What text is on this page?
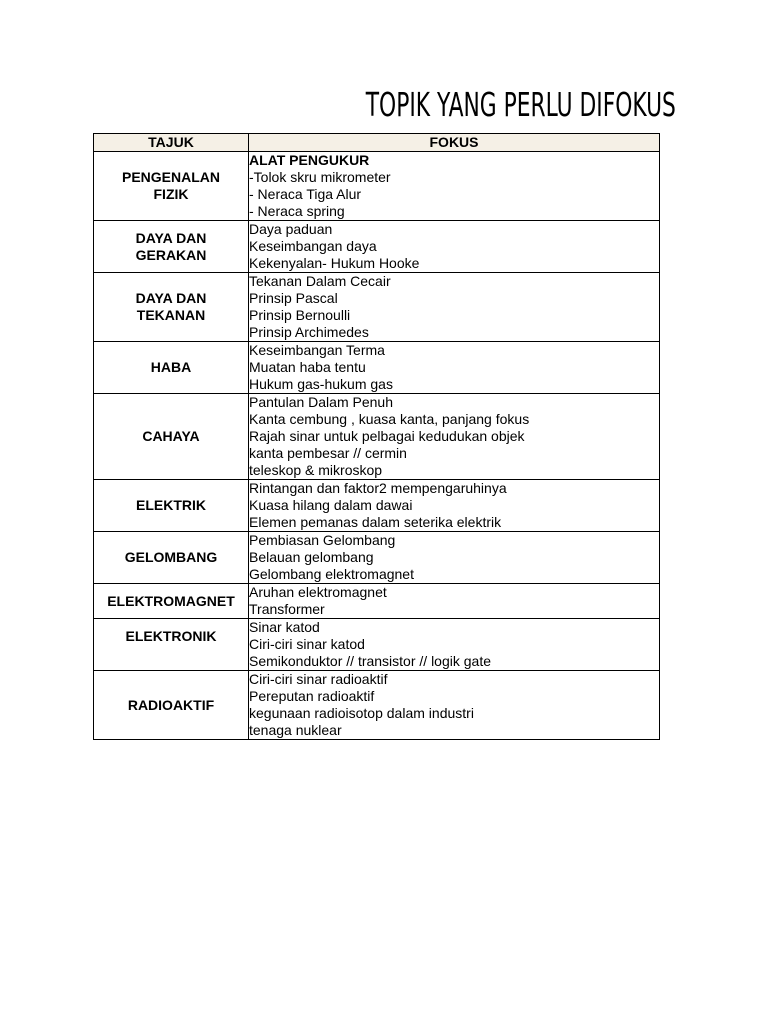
TOPIK YANG PERLU DIFOKUS
TAJUK	FOKUS

PENGENALAN
FIZIK	ALAT PENGUKUR
-Tolok skru mikrometer
- Neraca Tiga Alur
- Neraca spring

DAYA DAN
GERAKAN	Daya paduan
Keseimbangan daya
Kekenyalan- Hukum Hooke

DAYA DAN
TEKANAN	Tekanan Dalam Cecair
Prinsip Pascal
Prinsip Bernoulli
Prinsip Archimedes

HABA	Keseimbangan Terma
Muatan haba tentu
Hukum gas-hukum gas

CAHAYA	Pantulan Dalam Penuh
Kanta cembung , kuasa kanta, panjang fokus
Rajah sinar untuk pelbagai kedudukan objek
kanta pembesar // cermin
teleskop & mikroskop

ELEKTRIK	Rintangan dan faktor2 mempengaruhinya
Kuasa hilang dalam dawai
Elemen pemanas dalam seterika elektrik

GELOMBANG	Pembiasan Gelombang
Belauan gelombang
Gelombang elektromagnet

ELEKTROMAGNET	Aruhan elektromagnet
Transformer

ELEKTRONIK	Sinar katod
Ciri-ciri sinar katod
Semikonduktor // transistor // logik gate

RADIOAKTIF	Ciri-ciri sinar radioaktif
Pereputan radioaktif
kegunaan radioisotop dalam industri
tenaga nuklear
